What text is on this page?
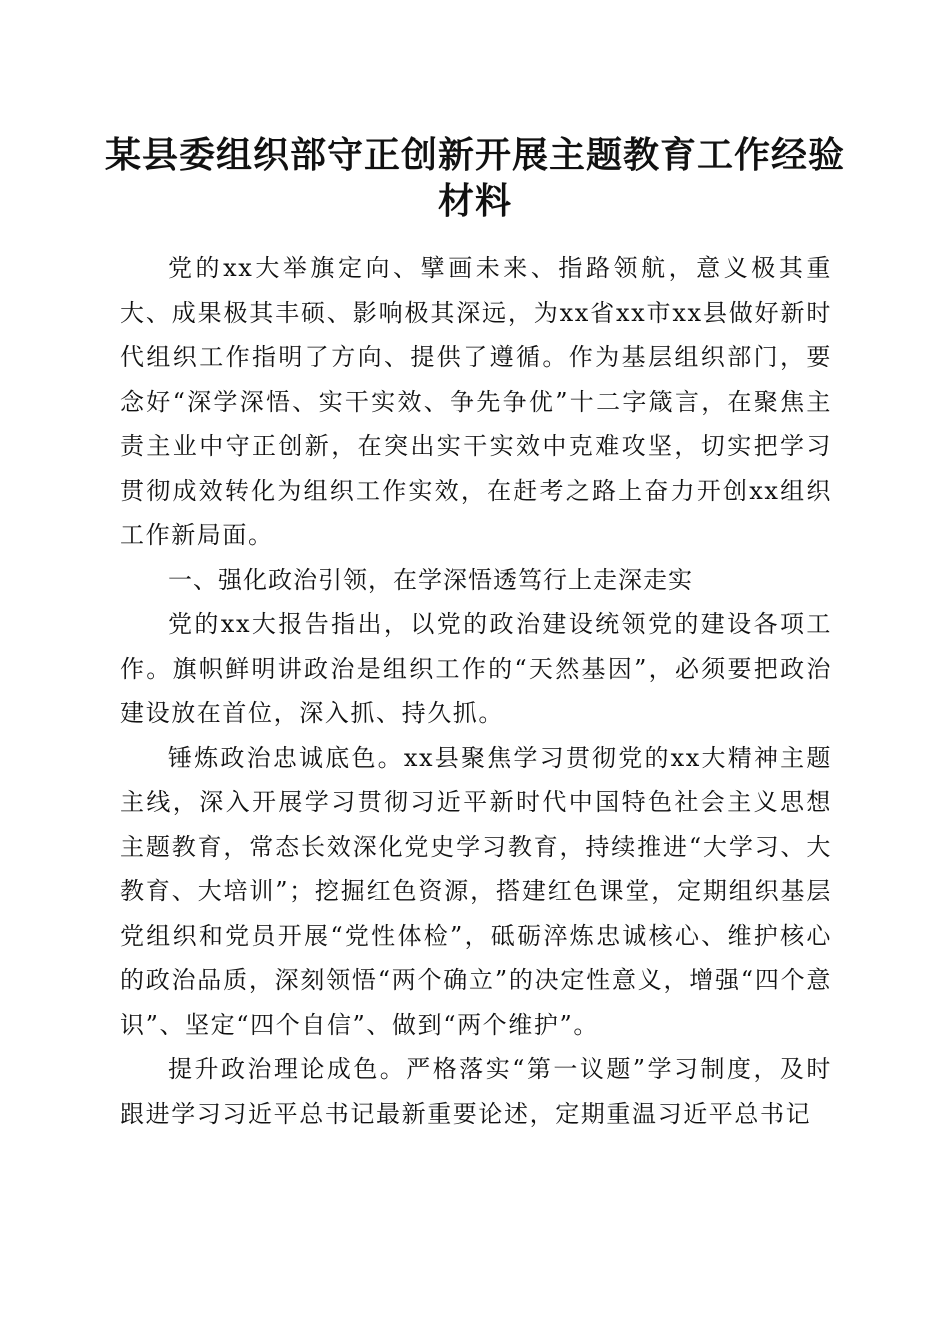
某县委组织部守正创新开展主题教育工作经验
材料

党的xx大举旗定向、擘画未来、指路领航，意义极其重大、成果极其丰硕、影响极其深远，为xx省xx市xx县做好新时代组织工作指明了方向、提供了遵循。作为基层组织部门，要念好“深学深悟、实干实效、争先争优”十二字箴言，在聚焦主责主业中守正创新，在突出实干实效中克难攻坚，切实把学习贯彻成效转化为组织工作实效，在赶考之路上奋力开创xx组织工作新局面。

一、强化政治引领，在学深悟透笃行上走深走实

党的xx大报告指出，以党的政治建设统领党的建设各项工作。旗帜鲜明讲政治是组织工作的“天然基因”，必须要把政治建设放在首位，深入抓、持久抓。

锤炼政治忠诚底色。xx县聚焦学习贯彻党的xx大精神主题主线，深入开展学习贯彻习近平新时代中国特色社会主义思想主题教育，常态长效深化党史学习教育，持续推进“大学习、大教育、大培训”；挖掘红色资源，搭建红色课堂，定期组织基层党组织和党员开展“党性体检”，砥砺淬炼忠诚核心、维护核心的政治品质，深刻领悟“两个确立”的决定性意义，增强“四个意识”、坚定“四个自信”、做到“两个维护”。

提升政治理论成色。严格落实“第一议题”学习制度，及时跟进学习习近平总书记最新重要论述，定期重温习近平总书记
